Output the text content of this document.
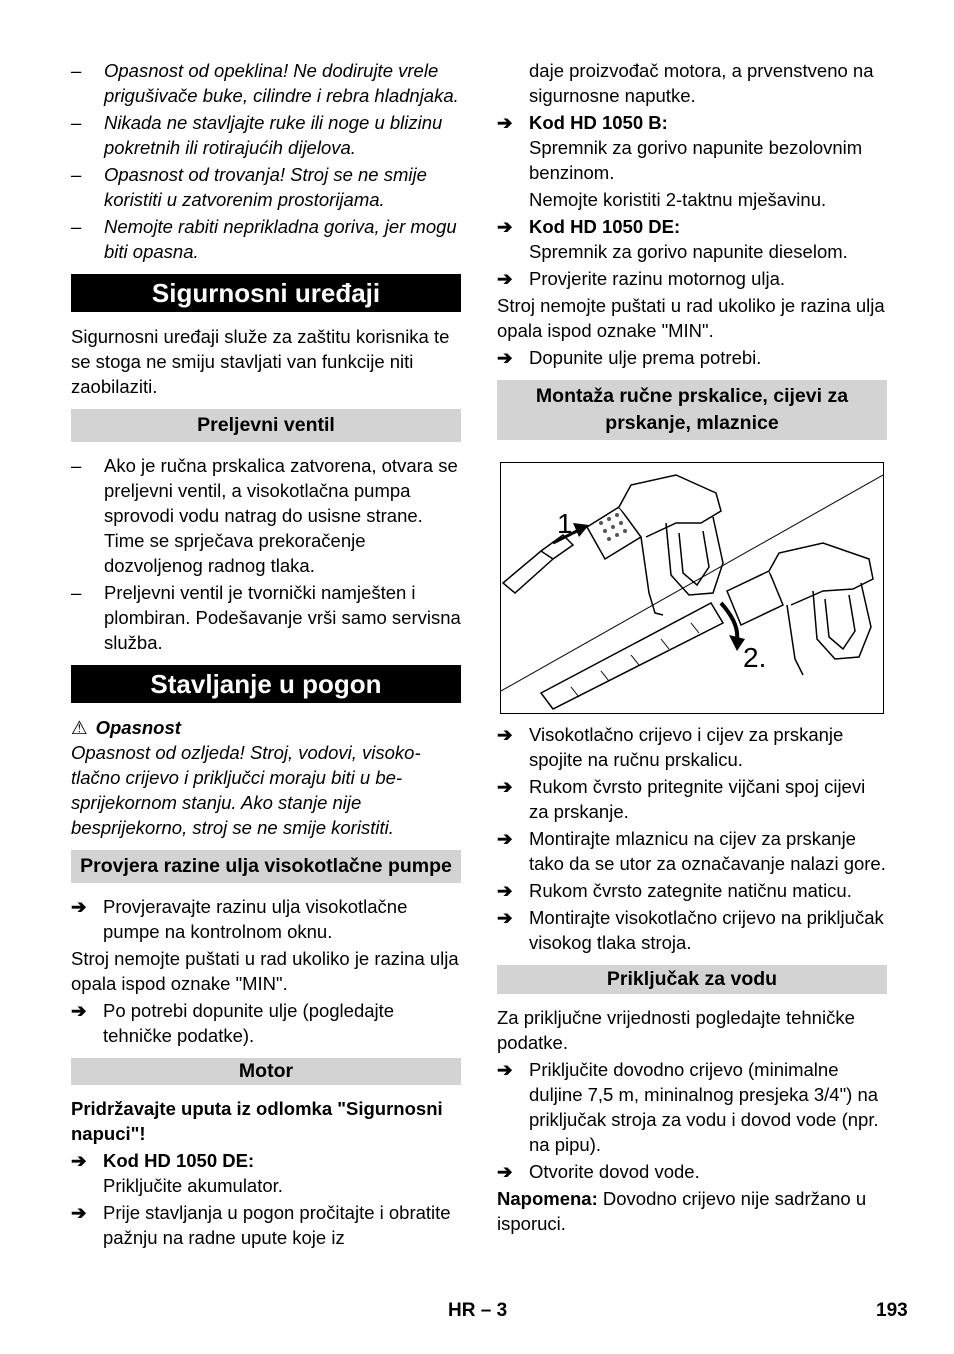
– Opasnost od opeklina! Ne dodirujte vrele prigušivače buke, cilindre i rebra hladnjaka.

– Nikada ne stavljajte ruke ili noge u blizinu pokretnih ili rotirajućih dijelova.

– Opasnost od trovanja! Stroj se ne smije koristiti u zatvorenim prostorijama.

– Nemojte rabiti neprikladna goriva, jer mogu biti opasna.

Sigurnosni uređaji

Sigurnosni uređaji služe za zaštitu korisnika te se stoga ne smiju stavljati van funkcije niti zaobilaziti.

Preljevni ventil

– Ako je ručna prskalica zatvorena, otvara se preljevni ventil, a visokotlačna pumpa sprovodi vodu natrag do usisne strane. Time se sprječava prekoračenje dozvoljenog radnog tlaka.

– Preljevni ventil je tvornički namješten i plombiran. Podešavanje vrši samo servisna služba.

Stavljanje u pogon

⚠ Opasnost

Opasnost od ozljeda! Stroj, vodovi, visokotlačno crijevo i priključci moraju biti u besprijekornom stanju. Ako stanje nije besprijekorno, stroj se ne smije koristiti.

Provjera razine ulja visokotlačne pumpe

➔ Provjeravajte razinu ulja visokotlačne pumpe na kontrolnom oknu.

Stroj nemojte puštati u rad ukoliko je razina ulja opala ispod oznake "MIN".

➔ Po potrebi dopunite ulje (pogledajte tehničke podatke).

Motor

Pridržavajte uputa iz odlomka "Sigurnosni napuci"!

➔ Kod HD 1050 DE:

Priključite akumulator.

➔ Prije stavljanja u pogon pročitajte i obratite pažnju na radne upute koje iz

daje proizvođač motora, a prvenstveno na sigurnosne naputke.

➔ Kod HD 1050 B:

Spremnik za gorivo napunite bezolovnim benzinom.

Nemojte koristiti 2-taktnu mješavinu.

➔ Kod HD 1050 DE:

Spremnik za gorivo napunite dieselom.

➔ Provjerite razinu motornog ulja.

Stroj nemojte puštati u rad ukoliko je razina ulja opala ispod oznake "MIN".

➔ Dopunite ulje prema potrebi.

Montaža ručne prskalice, cijevi za prskanje, mlaznice
1.
2.

➔ Visokotlačno crijevo i cijev za prskanje spojite na ručnu prskalicu.

➔ Rukom čvrsto pritegnite vijčani spoj cijevi za prskanje.

➔ Montirajte mlaznicu na cijev za prskanje tako da se utor za označavanje nalazi gore.

➔ Rukom čvrsto zategnite natičnu maticu.

➔ Montirajte visokotlačno crijevo na priključak visokog tlaka stroja.

Priključak za vodu

Za priključne vrijednosti pogledajte tehničke podatke.

➔ Priključite dovodno crijevo (minimalne duljine 7,5 m, mininalnog presjeka 3/4") na priključak stroja za vodu i dovod vode (npr. na pipu).

➔ Otvorite dovod vode.

Napomena: Dovodno crijevo nije sadržano u isporuci.

HR – 3	193
